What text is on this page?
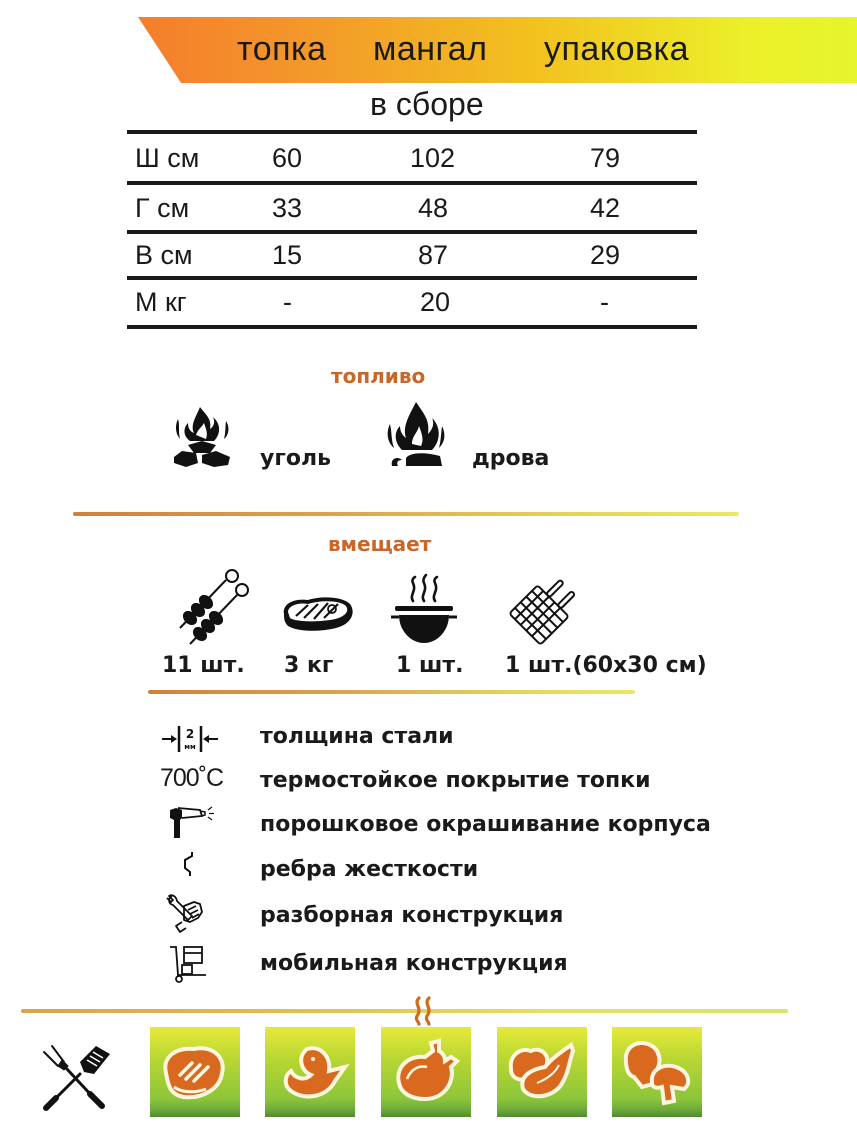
топка мангал упаковка
в сборе
Ш см	60	102	79
Г см	33	48	42
В см	15	87	29
М кг	-	20	-
топливо
уголь	дрова
вмещает
11 шт. 3 кг	1 шт. 1 шт.(60х30 см)
2
мм	толщина стали
700˚C термостойкое покрытие топки
порошковое окрашивание корпуса
ребра жесткости
разборная конструкция
мобильная конструкция
